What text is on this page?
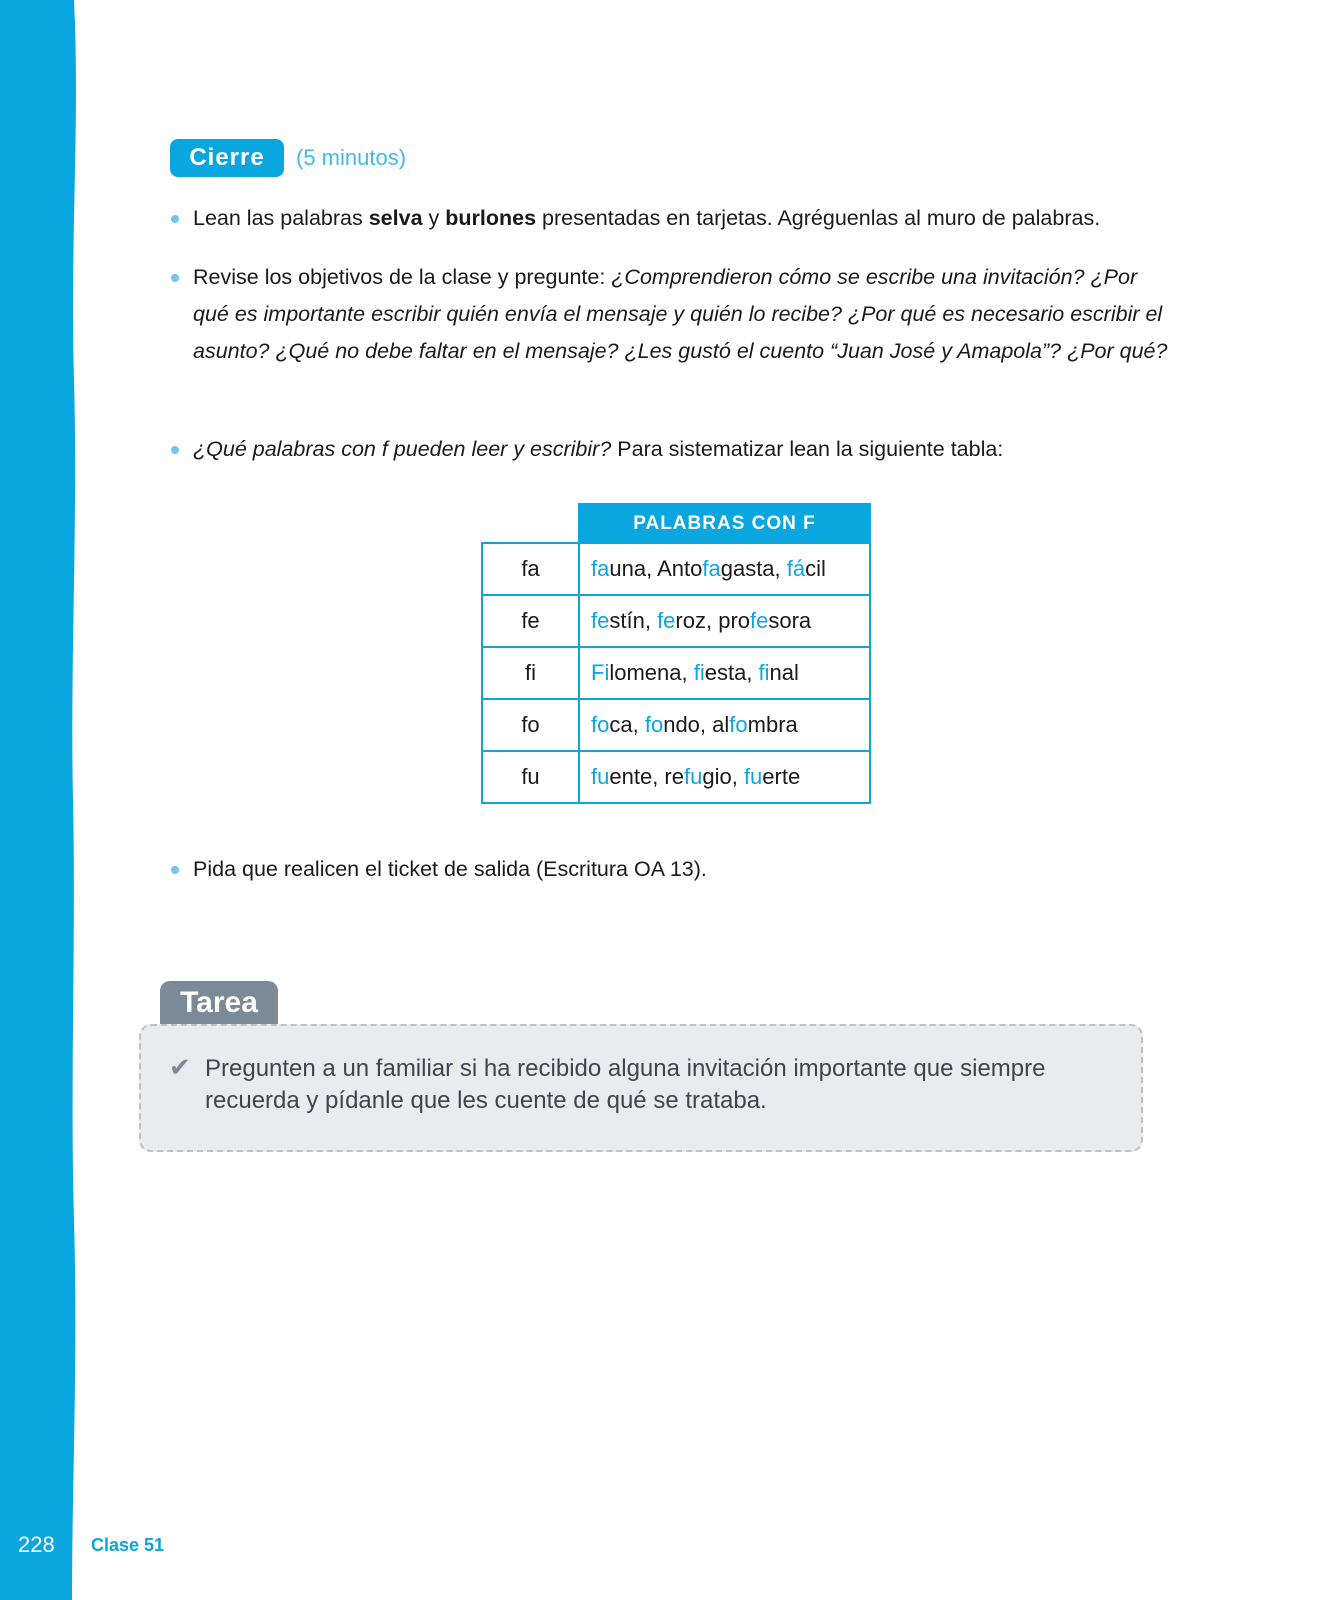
228 Clase 51
Cierre	(5 minutos)
Lean las palabras selva y burlones presentadas en tarjetas. Agréguenlas al muro de palabras.
Revise los objetivos de la clase y pregunte: ¿Comprendieron cómo se escribe una invitación? ¿Por qué es importante escribir quién envía el mensaje y quién lo recibe? ¿Por qué es necesario escribir el asunto? ¿Qué no debe faltar en el mensaje? ¿Les gustó el cuento “Juan José y Amapola”? ¿Por qué?
¿Qué palabras con f pueden leer y escribir? Para sistematizar lean la siguiente tabla:
Pida que realicen el ticket de salida (Escritura OA 13).
	PALABRAS CON F
fa	fauna, Antofagasta, fácil
fe	festín, feroz, profesora
fi	Filomena, fiesta, final
fo	foca, fondo, alfombra
fu	fuente, refugio, fuerte
Tarea
✔ Pregunten a un familiar si ha recibido alguna invitación importante que siempre recuerda y pídanle que les cuente de qué se trataba.
